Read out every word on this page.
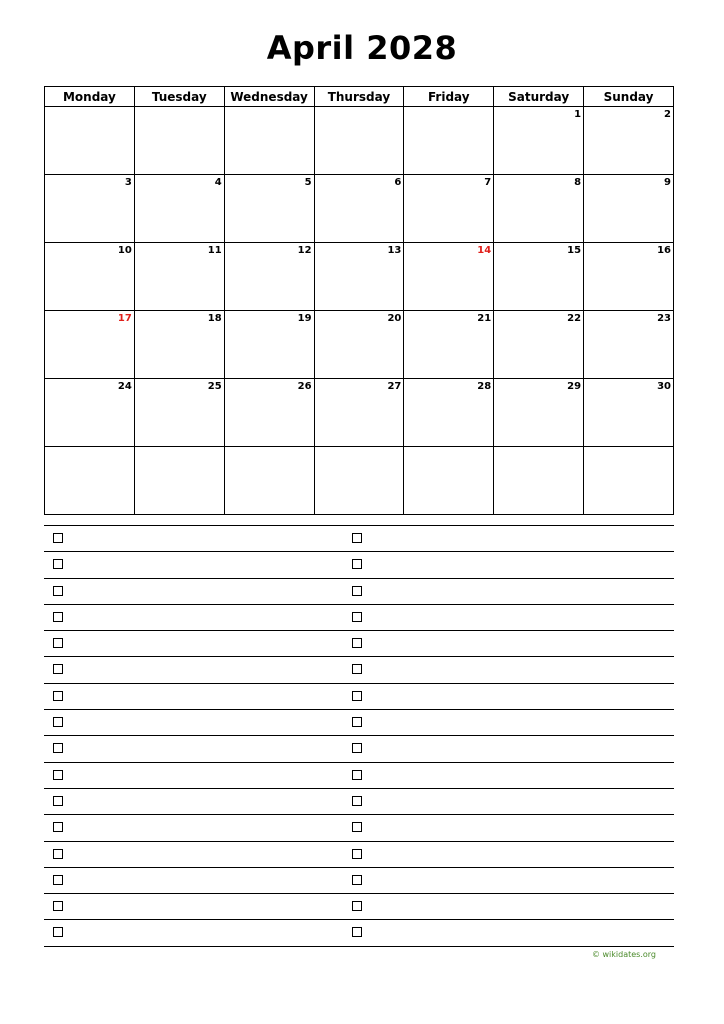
April 2028
Monday	Tuesday	Wednesday	Thursday	Friday	Saturday	Sunday

					1	2

3	4	5	6	7	8	9

10	11	12	13	14	15	16

17	18	19	20	21	22	23

24	25	26	27	28	29	30

© wikidates.org
